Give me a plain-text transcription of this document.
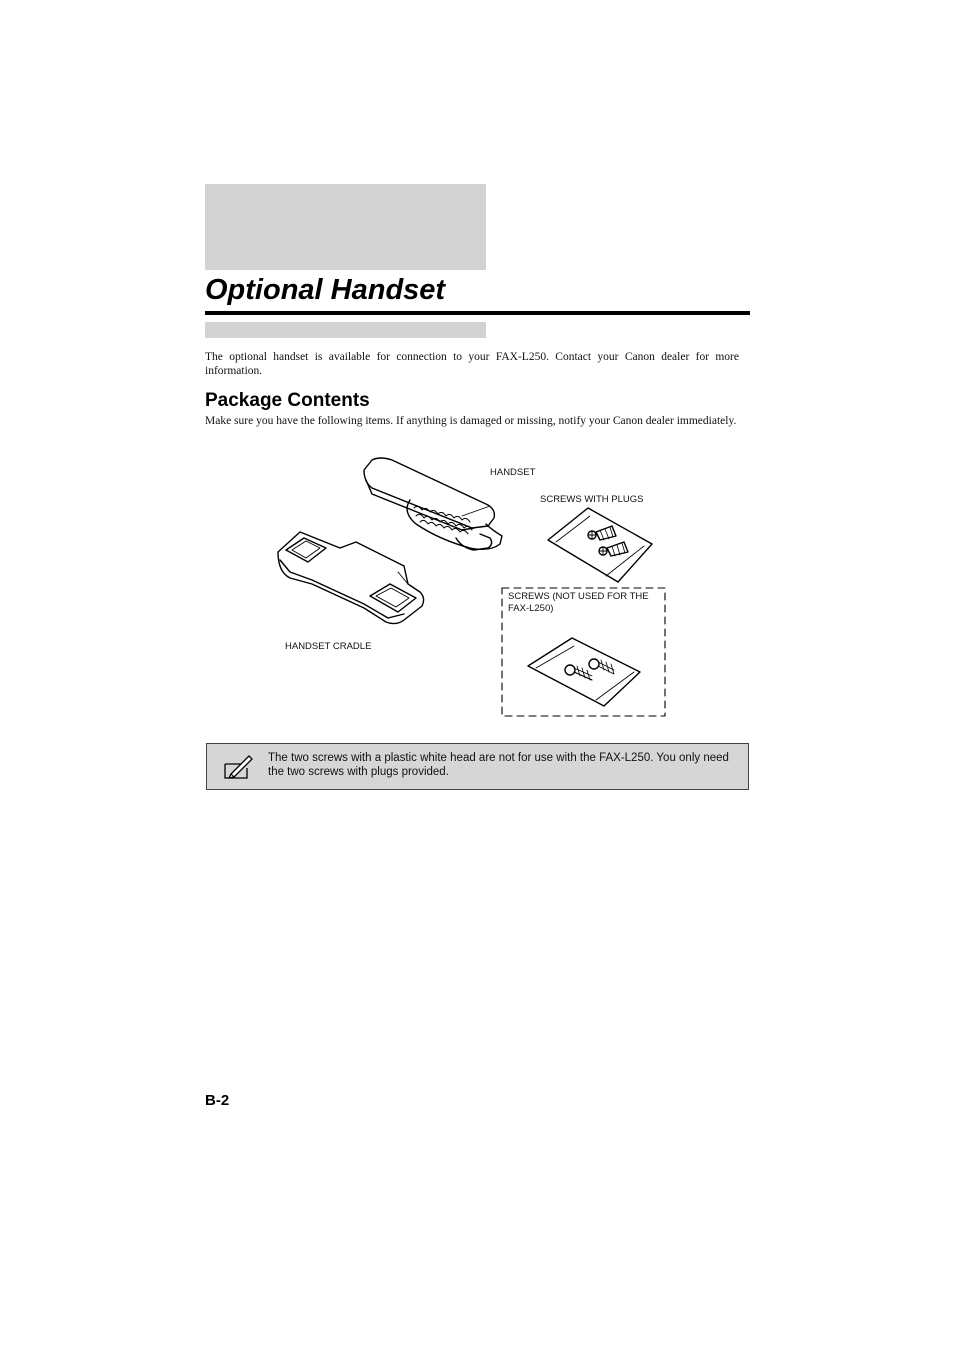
Optional Handset

The optional handset is available for connection to your FAX-L250. Contact your Canon dealer for more information.

Package Contents

Make sure you have the following items. If anything is damaged or missing, notify your Canon dealer immediately.

HANDSET
SCREWS WITH PLUGS
SCREWS (NOT USED FOR THE FAX-L250)
HANDSET CRADLE

The two screws with a plastic white head are not for use with the FAX-L250. You only need the two screws with plugs provided.

B-2
